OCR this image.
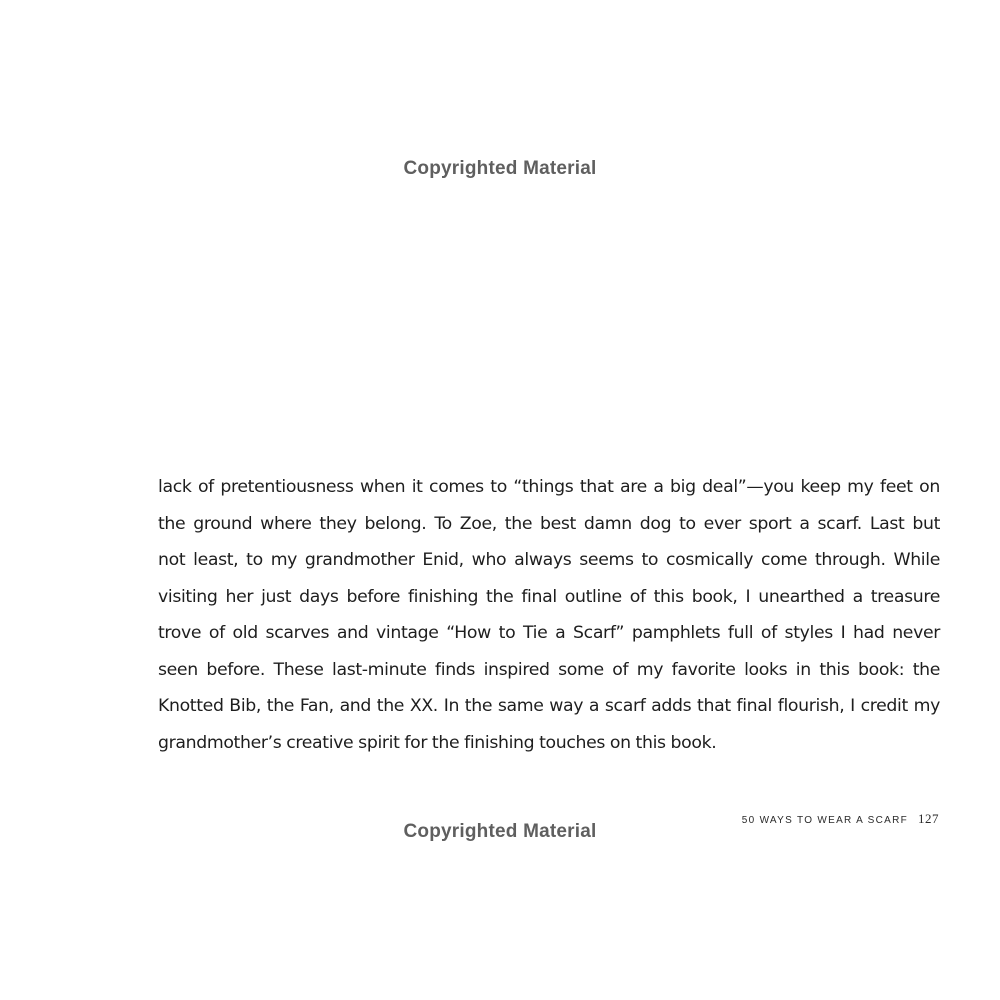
Copyrighted Material

lack of pretentiousness when it comes to “things that are a big deal”—you keep my feet on
the ground where they belong. To Zoe, the best damn dog to ever sport a scarf. Last but
not least, to my grandmother Enid, who always seems to cosmically come through. While
visiting her just days before finishing the final outline of this book, I unearthed a treasure
trove of old scarves and vintage “How to Tie a Scarf” pamphlets full of styles I had never
seen before. These last-minute finds inspired some of my favorite looks in this book: the
Knotted Bib, the Fan, and the XX. In the same way a scarf adds that final flourish, I credit my
grandmother’s creative spirit for the finishing touches on this book.

50 WAYS TO WEAR A SCARF 127
Copyrighted Material
